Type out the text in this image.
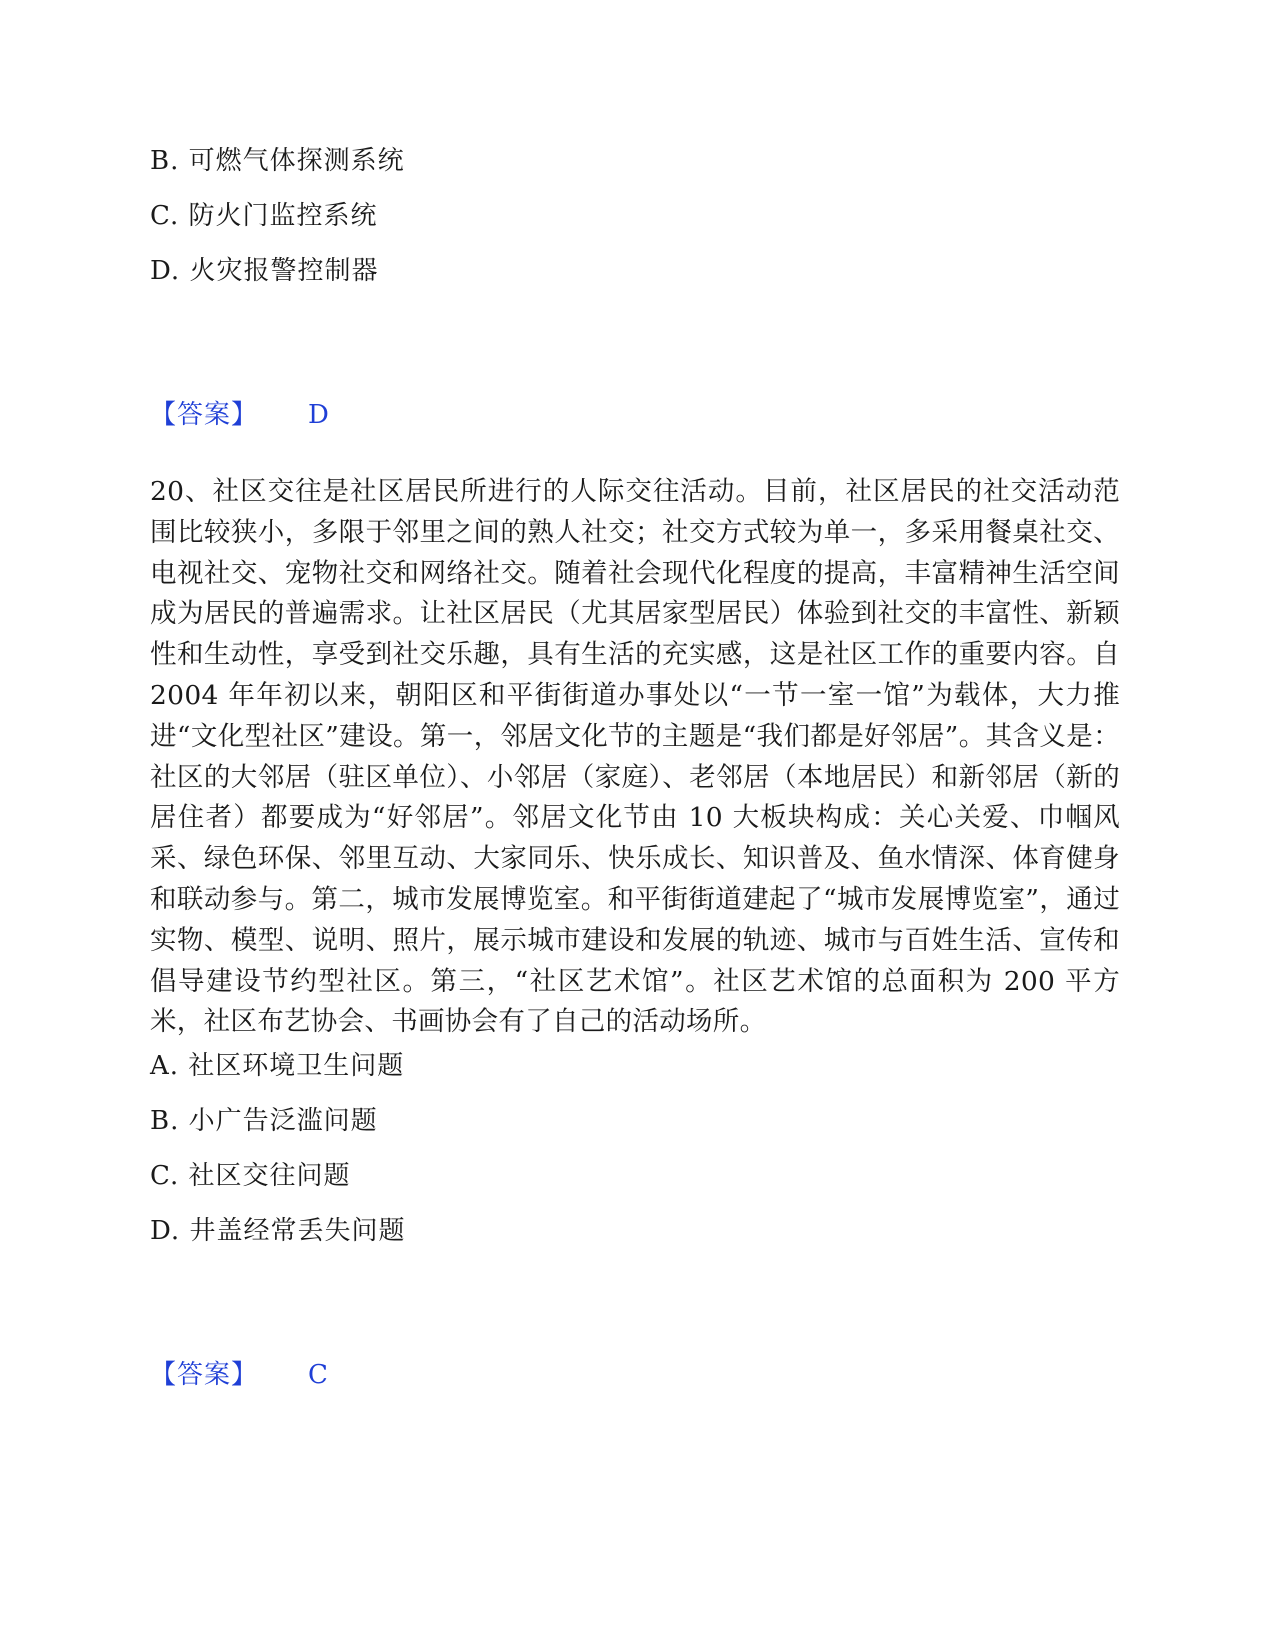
B. 可燃气体探测系统
C. 防火门监控系统
D. 火灾报警控制器
【答案】 D
20、社区交往是社区居民所进行的人际交往活动。目前，社区居民的社交活动范围比较狭小，多限于邻里之间的熟人社交；社交方式较为单一，多采用餐桌社交、电视社交、宠物社交和网络社交。随着社会现代化程度的提高，丰富精神生活空间成为居民的普遍需求。让社区居民（尤其居家型居民）体验到社交的丰富性、新颖性和生动性，享受到社交乐趣，具有生活的充实感，这是社区工作的重要内容。自 2004 年年初以来，朝阳区和平街街道办事处以“一节一室一馆”为载体，大力推进“文化型社区”建设。第一，邻居文化节的主题是“我们都是好邻居”。其含义是：社区的大邻居（驻区单位）、小邻居（家庭）、老邻居（本地居民）和新邻居（新的居住者）都要成为“好邻居”。邻居文化节由 10 大板块构成：关心关爱、巾帼风采、绿色环保、邻里互动、大家同乐、快乐成长、知识普及、鱼水情深、体育健身和联动参与。第二，城市发展博览室。和平街街道建起了“城市发展博览室”，通过实物、模型、说明、照片，展示城市建设和发展的轨迹、城市与百姓生活、宣传和倡导建设节约型社区。第三，“社区艺术馆”。社区艺术馆的总面积为 200 平方米，社区布艺协会、书画协会有了自己的活动场所。
A. 社区环境卫生问题
B. 小广告泛滥问题
C. 社区交往问题
D. 井盖经常丢失问题
【答案】 C
